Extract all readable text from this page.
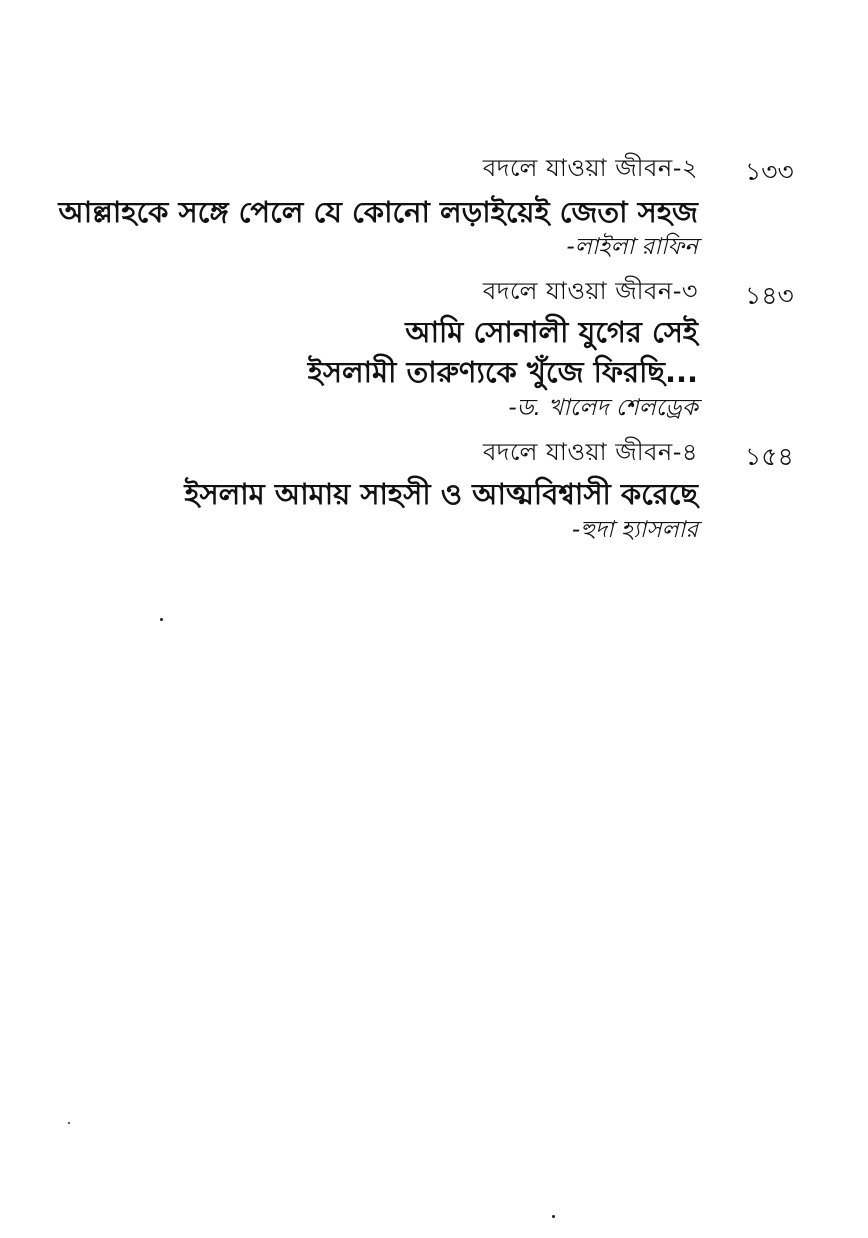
বদলে যাওয়া জীবন-২ ১৩৩
আল্লাহকে সঙ্গে পেলে যে কোনো লড়াইয়েই জেতা সহজ
-লাইলা রাফিন
বদলে যাওয়া জীবন-৩ ১৪৩
আমি সোনালী যুগের সেই
ইসলামী তারুণ্যকে খুঁজে ফিরছি...
-ড. খালেদ শেলড্রেক
বদলে যাওয়া জীবন-৪ ১৫৪
ইসলাম আমায় সাহসী ও আত্মবিশ্বাসী করেছে
-হুদা হ্যাসলার
